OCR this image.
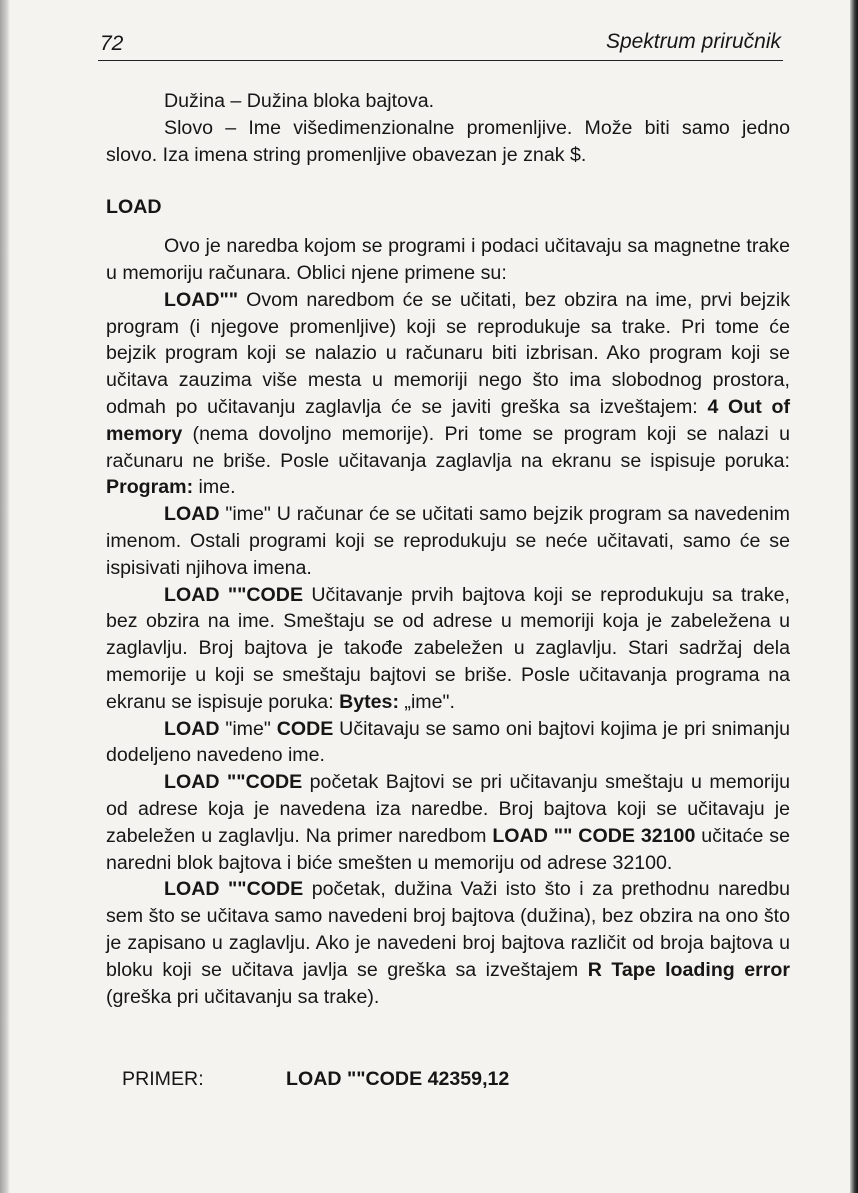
72	Spektrum priručnik

Dužina – Dužina bloka bajtova.

Slovo – Ime višedimenzionalne promenljive. Može biti samo jedno slovo. Iza imena string promenljive obavezan je znak $.

LOAD

Ovo je naredba kojom se programi i podaci učitavaju sa magnetne trake u memoriju računara. Oblici njene primene su:

LOAD"" Ovom naredbom će se učitati, bez obzira na ime, prvi bejzik program (i njegove promenljive) koji se reprodukuje sa trake. Pri tome će bejzik program koji se nalazio u računaru biti izbrisan. Ako program koji se učitava zauzima više mesta u memoriji nego što ima slobodnog prostora, odmah po učitavanju zaglavlja će se javiti greška sa izveštajem: 4 Out of memory (nema dovoljno memorije). Pri tome se program koji se nalazi u računaru ne briše. Posle učitavanja zaglavlja na ekranu se ispisuje poruka: Program: ime.

LOAD "ime" U računar će se učitati samo bejzik program sa navedenim imenom. Ostali programi koji se reprodukuju se neće učitavati, samo će se ispisivati njihova imena.

LOAD ""CODE Učitavanje prvih bajtova koji se reprodukuju sa trake, bez obzira na ime. Smeštaju se od adrese u memoriji koja je zabeležena u zaglavlju. Broj bajtova je takođe zabeležen u zaglavlju. Stari sadržaj dela memorije u koji se smeštaju bajtovi se briše. Posle učitavanja programa na ekranu se ispisuje poruka: Bytes: „ime".

LOAD "ime" CODE Učitavaju se samo oni bajtovi kojima je pri snimanju dodeljeno navedeno ime.

LOAD ""CODE početak Bajtovi se pri učitavanju smeštaju u memoriju od adrese koja je navedena iza naredbe. Broj bajtova koji se učitavaju je zabeležen u zaglavlju. Na primer naredbom LOAD "" CODE 32100 učitaće se naredni blok bajtova i biće smešten u memoriju od adrese 32100.

LOAD ""CODE početak, dužina Važi isto što i za prethodnu naredbu sem što se učitava samo navedeni broj bajtova (dužina), bez obzira na ono što je zapisano u zaglavlju. Ako je navedeni broj bajtova različit od broja bajtova u bloku koji se učitava javlja se greška sa izveštajem R Tape loading error (greška pri učitavanju sa trake).

PRIMER:	LOAD ""CODE 42359,12
